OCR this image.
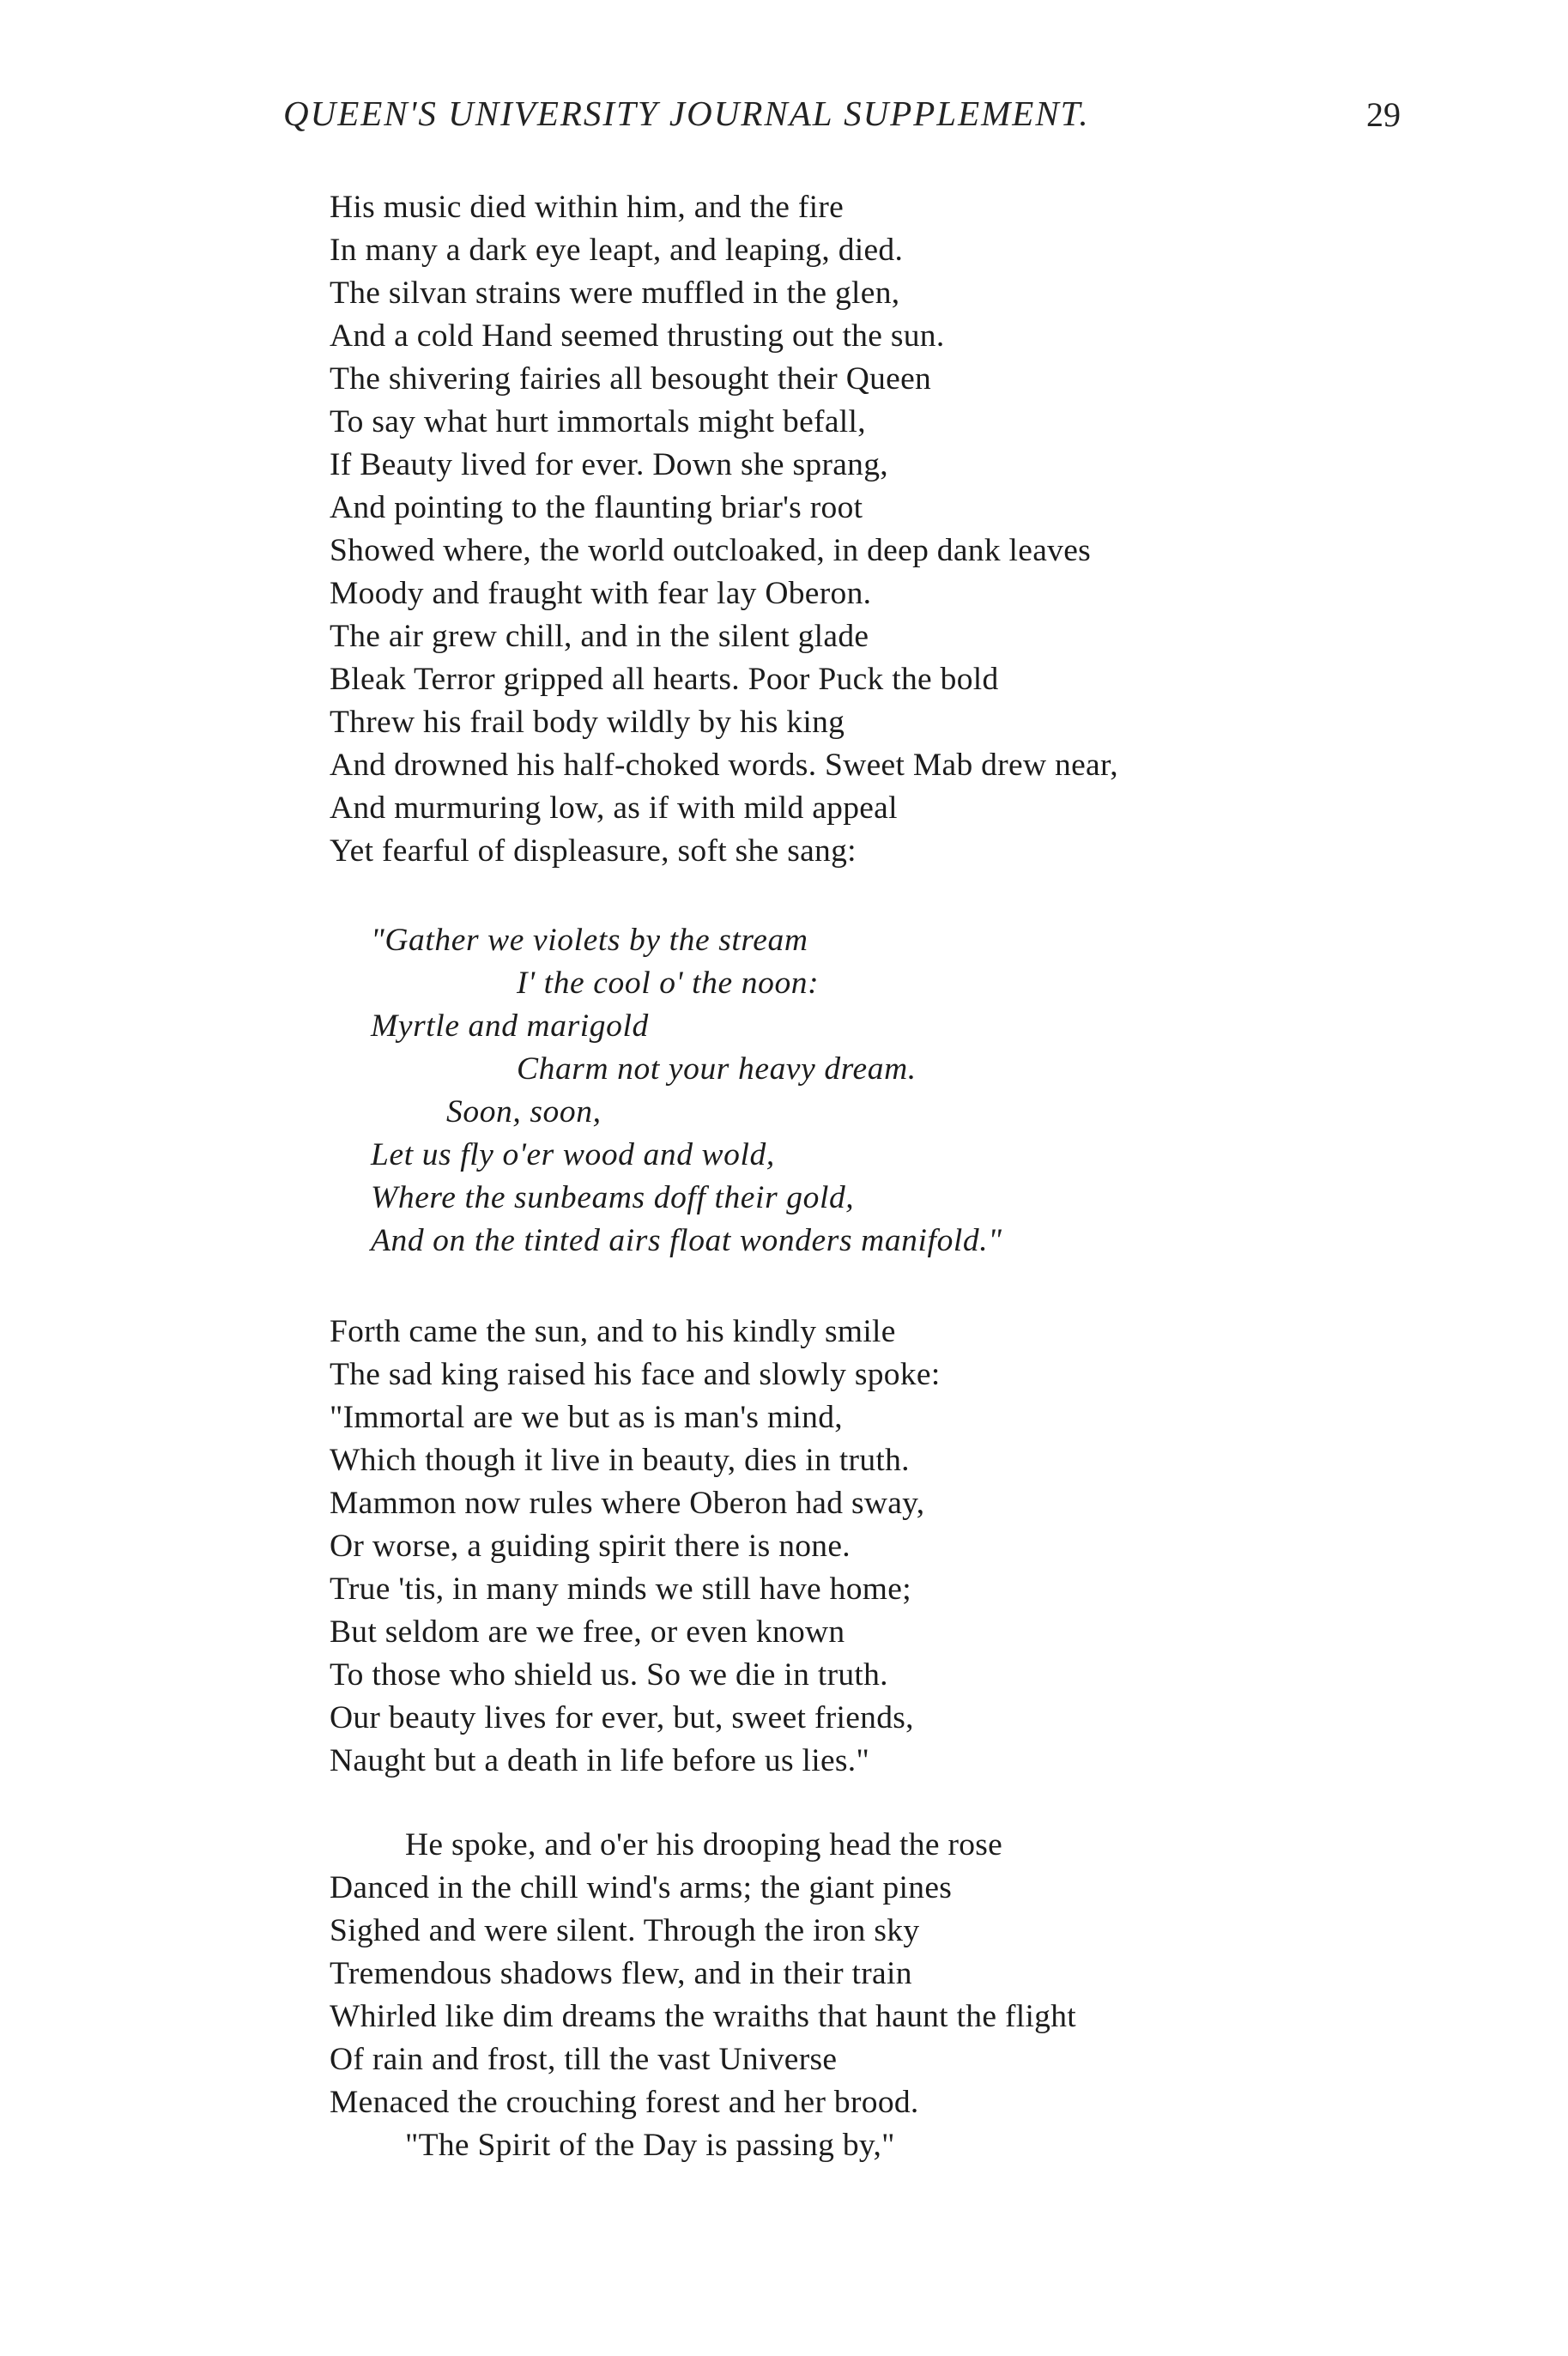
QUEEN'S UNIVERSITY JOURNAL SUPPLEMENT.	29

His music died within him, and the fire

In many a dark eye leapt, and leaping, died.

The silvan strains were muffled in the glen,

And a cold Hand seemed thrusting out the sun.

The shivering fairies all besought their Queen

To say what hurt immortals might befall,

If Beauty lived for ever. Down she sprang,

And pointing to the flaunting briar's root

Showed where, the world outcloaked, in deep dank leaves

Moody and fraught with fear lay Oberon.

The air grew chill, and in the silent glade

Bleak Terror gripped all hearts. Poor Puck the bold

Threw his frail body wildly by his king

And drowned his half-choked words. Sweet Mab drew near,

And murmuring low, as if with mild appeal

Yet fearful of displeasure, soft she sang:

"Gather we violets by the stream

I' the cool o' the noon:

Myrtle and marigold

Charm not your heavy dream.

Soon, soon,

Let us fly o'er wood and wold,

Where the sunbeams doff their gold,

And on the tinted airs float wonders manifold."

Forth came the sun, and to his kindly smile

The sad king raised his face and slowly spoke:

"Immortal are we but as is man's mind,

Which though it live in beauty, dies in truth.

Mammon now rules where Oberon had sway,

Or worse, a guiding spirit there is none.

True 'tis, in many minds we still have home;

But seldom are we free, or even known

To those who shield us. So we die in truth.

Our beauty lives for ever, but, sweet friends,

Naught but a death in life before us lies."

He spoke, and o'er his drooping head the rose

Danced in the chill wind's arms; the giant pines

Sighed and were silent. Through the iron sky

Tremendous shadows flew, and in their train

Whirled like dim dreams the wraiths that haunt the flight

Of rain and frost, till the vast Universe

Menaced the crouching forest and her brood.

"The Spirit of the Day is passing by,"
